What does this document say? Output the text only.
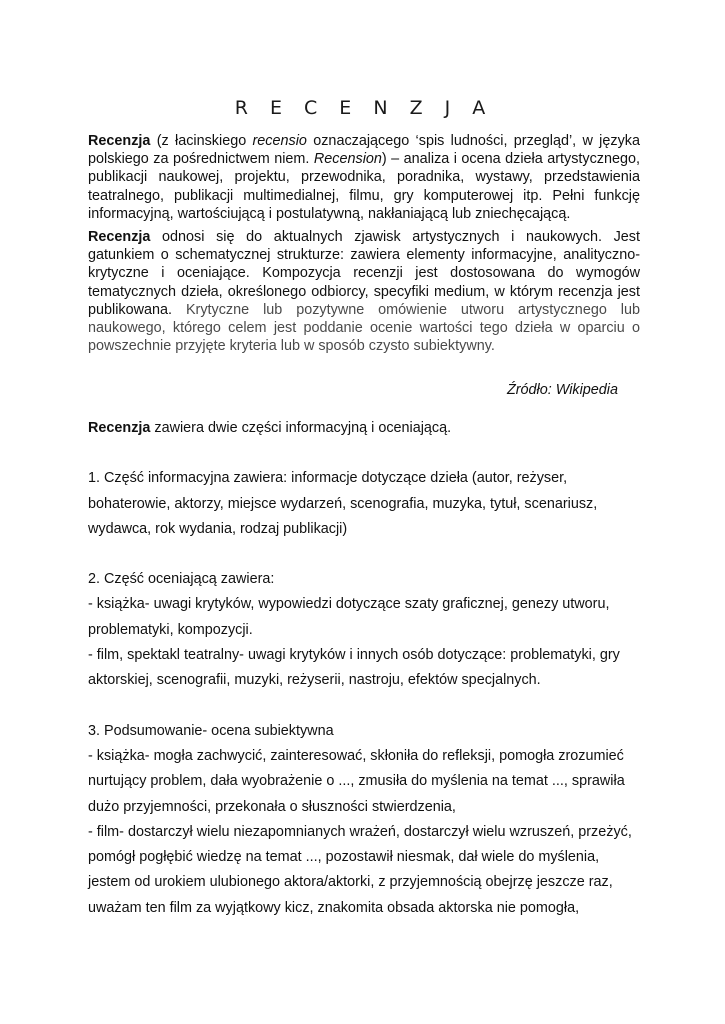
R E C E N Z J A

Recenzja (z łacinskiego recensio oznaczającego ‘spis ludności, przegląd’, w języka polskiego za pośrednictwem niem. Recension) – analiza i ocena dzieła artystycznego, publikacji naukowej, projektu, przewodnika, poradnika, wystawy, przedstawienia teatralnego, publikacji multimedialnej, filmu, gry komputerowej itp. Pełni funkcję informacyjną, wartościującą i postulatywną, nakłaniającą lub zniechęcającą.

Recenzja odnosi się do aktualnych zjawisk artystycznych i naukowych. Jest gatunkiem o schematycznej strukturze: zawiera elementy informacyjne, analityczno-krytyczne i oceniające. Kompozycja recenzji jest dostosowana do wymogów tematycznych dzieła, określonego odbiorcy, specyfiki medium, w którym recenzja jest publikowana. Krytyczne lub pozytywne omówienie utworu artystycznego lub naukowego, którego celem jest poddanie ocenie wartości tego dzieła w oparciu o powszechnie przyjęte kryteria lub w sposób czysto subiektywny.

Źródło: Wikipedia

Recenzja zawiera dwie części informacyjną i oceniającą.

1. Część informacyjna zawiera: informacje dotyczące dzieła (autor, reżyser,

bohaterowie, aktorzy, miejsce wydarzeń, scenografia, muzyka, tytuł, scenariusz,

wydawca, rok wydania, rodzaj publikacji)

2. Część oceniającą zawiera:

- książka- uwagi krytyków, wypowiedzi dotyczące szaty graficznej, genezy utworu,

problematyki, kompozycji.

- film, spektakl teatralny- uwagi krytyków i innych osób dotyczące: problematyki, gry

aktorskiej, scenografii, muzyki, reżyserii, nastroju, efektów specjalnych.

3. Podsumowanie- ocena subiektywna

- książka- mogła zachwycić, zainteresować, skłoniła do refleksji, pomogła zrozumieć

nurtujący problem, dała wyobrażenie o ..., zmusiła do myślenia na temat ..., sprawiła

dużo przyjemności, przekonała o słuszności stwierdzenia,

- film- dostarczył wielu niezapomnianych wrażeń, dostarczył wielu wzruszeń, przeżyć,

pomógł pogłębić wiedzę na temat ..., pozostawił niesmak, dał wiele do myślenia,

jestem od urokiem ulubionego aktora/aktorki, z przyjemnością obejrzę jeszcze raz,

uważam ten film za wyjątkowy kicz, znakomita obsada aktorska nie pomogła,
